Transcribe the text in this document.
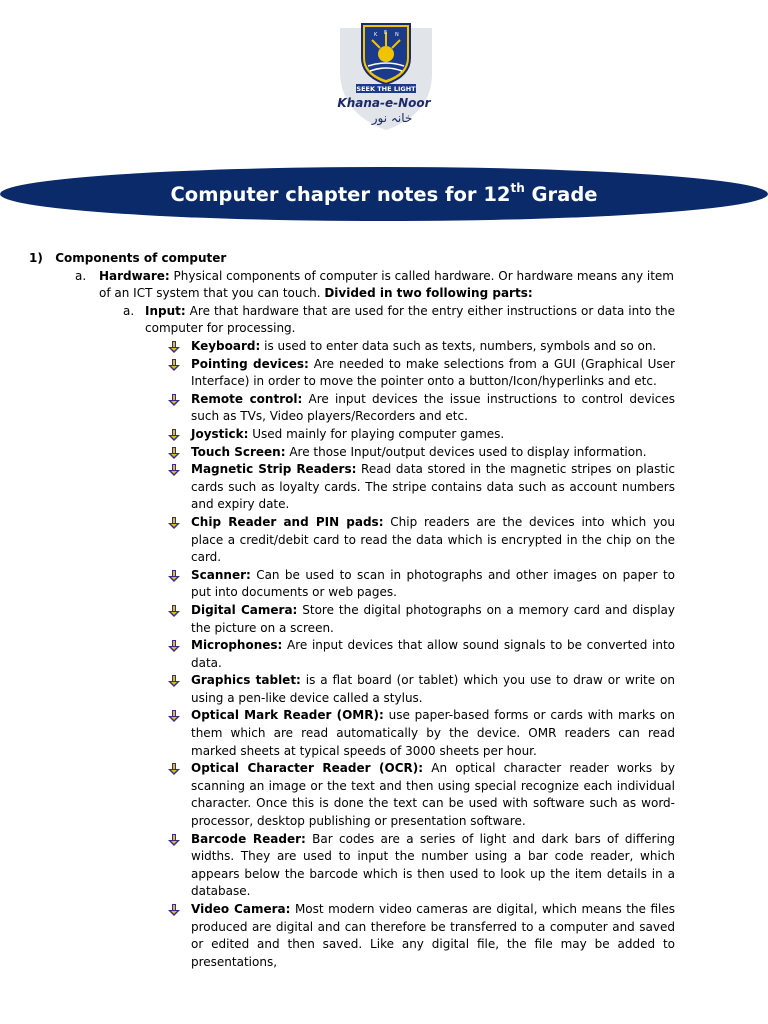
K E N
SEEK THE LIGHT
Khana-e-Noor
خانہ نور
Computer chapter notes for 12th Grade
1) Components of computer
a. Hardware: Physical components of computer is called hardware. Or hardware means any item of an ICT system that you can touch. Divided in two following parts:
a. Input: Are that hardware that are used for the entry either instructions or data into the computer for processing.
Keyboard: is used to enter data such as texts, numbers, symbols and so on.
Pointing devices: Are needed to make selections from a GUI (Graphical User Interface) in order to move the pointer onto a button/Icon/hyperlinks and etc.
Remote control: Are input devices the issue instructions to control devices such as TVs, Video players/Recorders and etc.
Joystick: Used mainly for playing computer games.
Touch Screen: Are those Input/output devices used to display information.
Magnetic Strip Readers: Read data stored in the magnetic stripes on plastic cards such as loyalty cards. The stripe contains data such as account numbers and expiry date.
Chip Reader and PIN pads: Chip readers are the devices into which you place a credit/debit card to read the data which is encrypted in the chip on the card.
Scanner: Can be used to scan in photographs and other images on paper to put into documents or web pages.
Digital Camera: Store the digital photographs on a memory card and display the picture on a screen.
Microphones: Are input devices that allow sound signals to be converted into data.
Graphics tablet: is a flat board (or tablet) which you use to draw or write on using a pen-like device called a stylus.
Optical Mark Reader (OMR): use paper-based forms or cards with marks on them which are read automatically by the device. OMR readers can read marked sheets at typical speeds of 3000 sheets per hour.
Optical Character Reader (OCR): An optical character reader works by scanning an image or the text and then using special recognize each individual character. Once this is done the text can be used with software such as word-processor, desktop publishing or presentation software.
Barcode Reader: Bar codes are a series of light and dark bars of differing widths. They are used to input the number using a bar code reader, which appears below the barcode which is then used to look up the item details in a database.
Video Camera: Most modern video cameras are digital, which means the files produced are digital and can therefore be transferred to a computer and saved or edited and then saved. Like any digital file, the file may be added to presentations,
